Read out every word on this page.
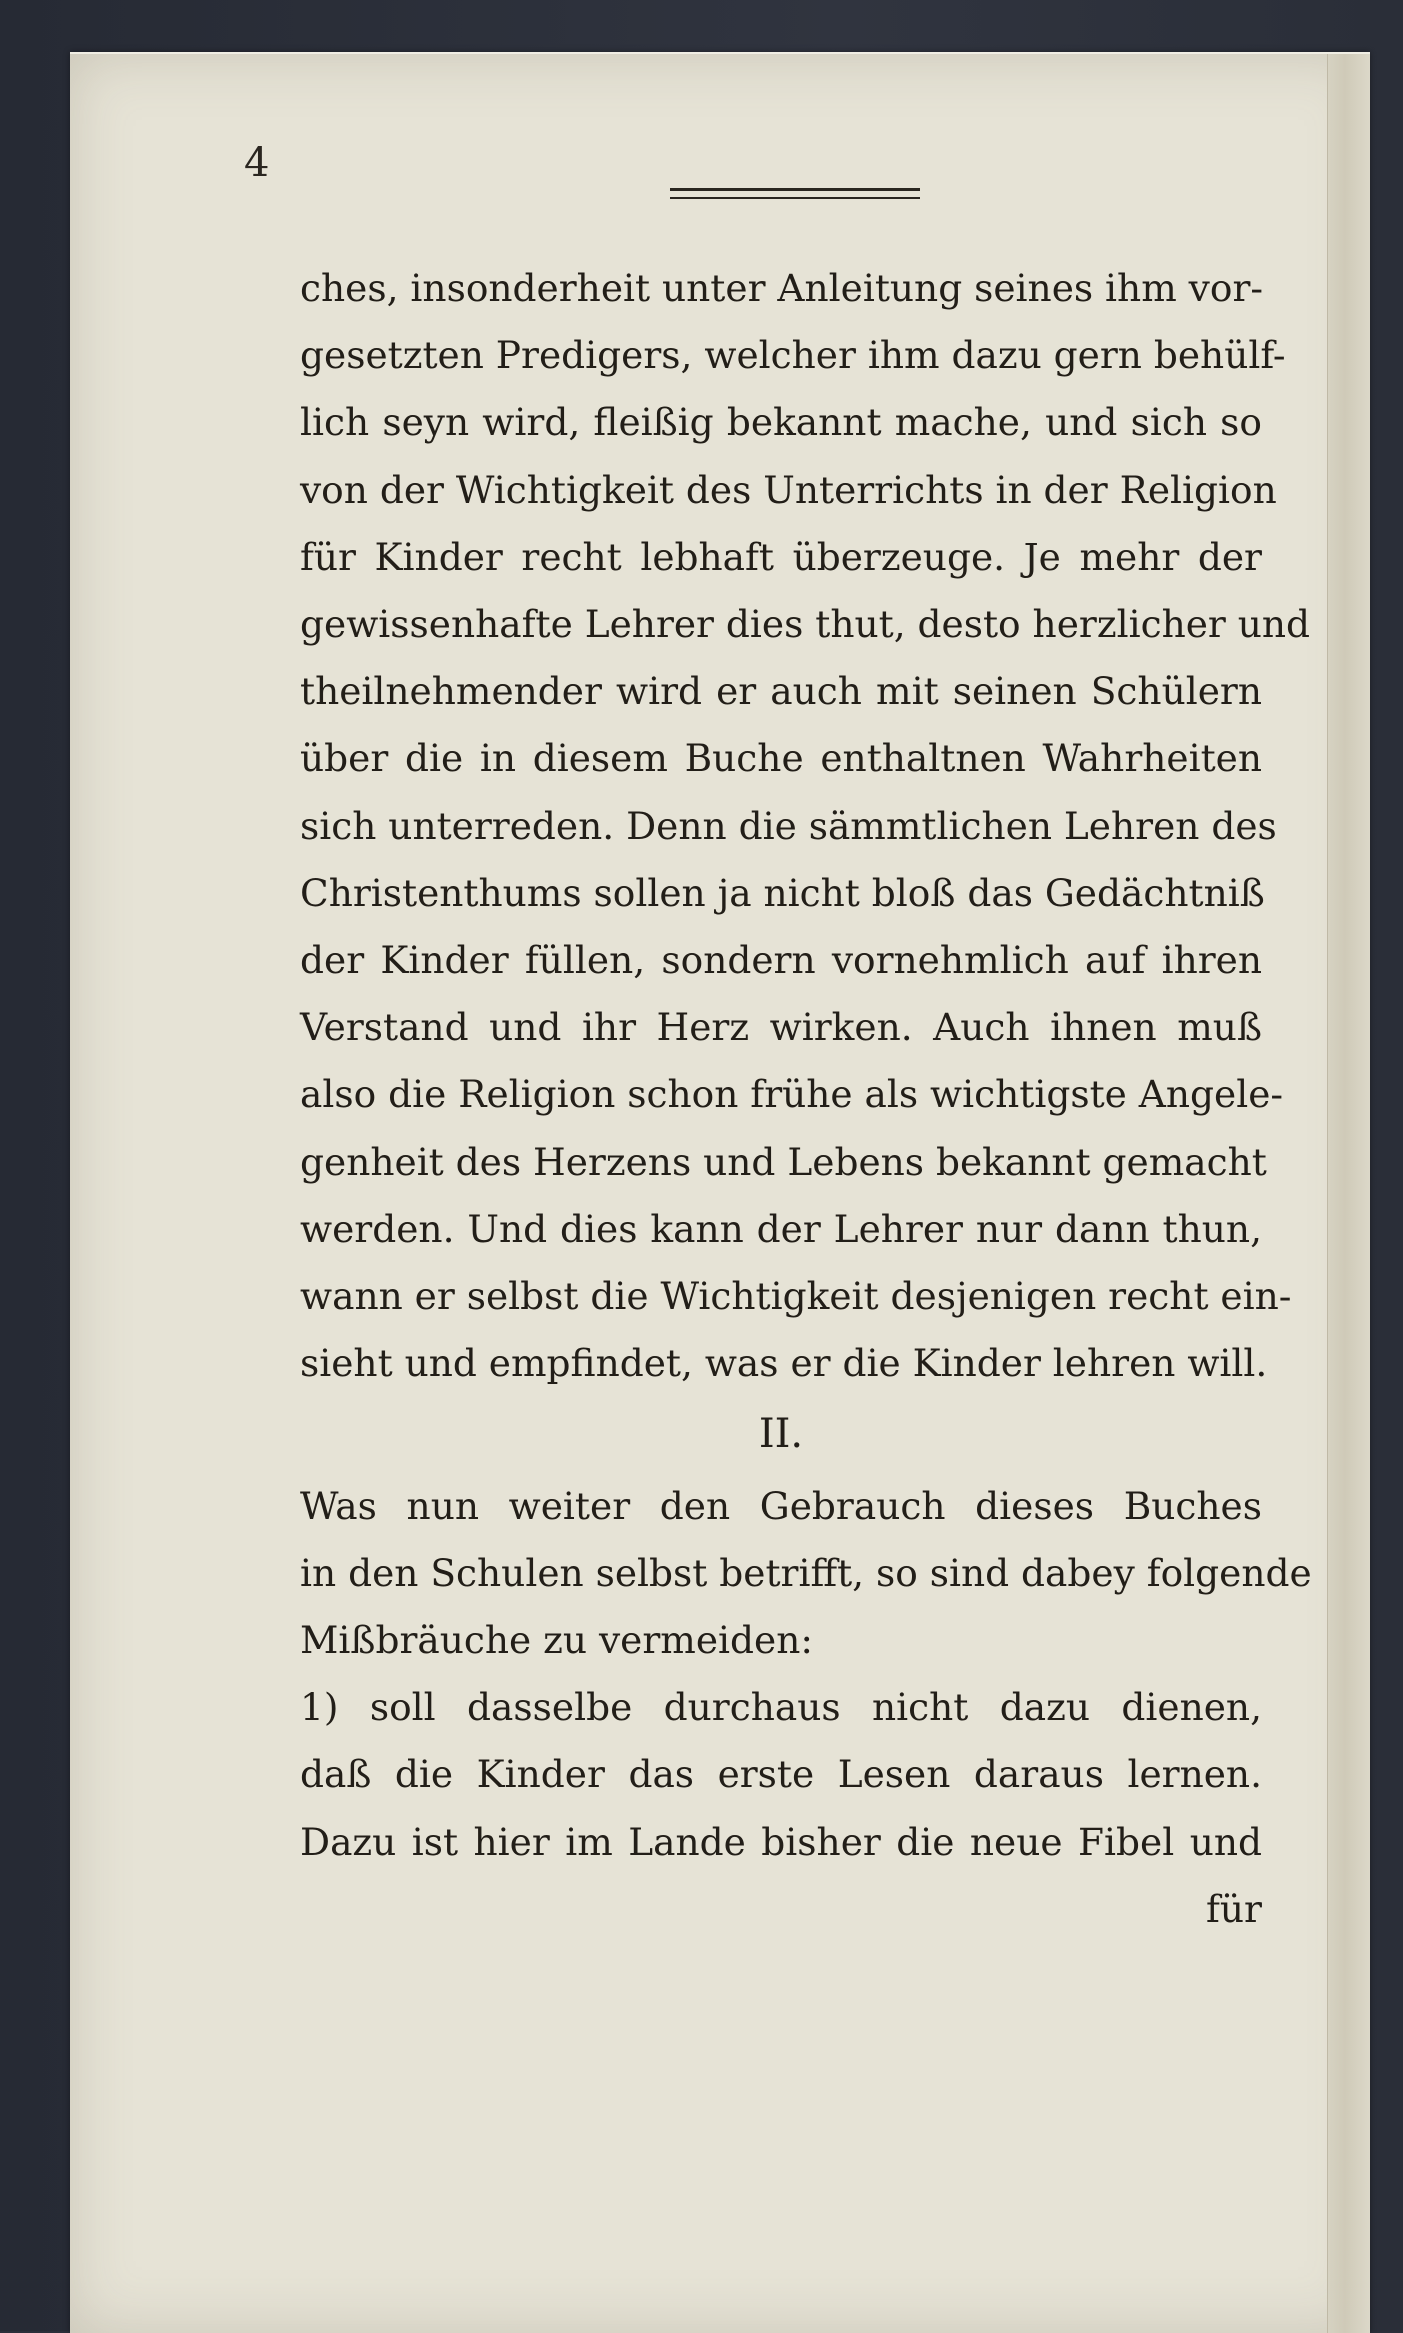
4
ches, insonderheit unter Anleitung seines ihm vor-
gesetzten Predigers, welcher ihm dazu gern behülf-
lich seyn wird, fleißig bekannt mache, und sich so
von der Wichtigkeit des Unterrichts in der Religion
für Kinder recht lebhaft überzeuge. Je mehr der
gewissenhafte Lehrer dies thut, desto herzlicher und
theilnehmender wird er auch mit seinen Schülern
über die in diesem Buche enthaltnen Wahrheiten
sich unterreden. Denn die sämmtlichen Lehren des
Christenthums sollen ja nicht bloß das Gedächtniß
der Kinder füllen, sondern vornehmlich auf ihren
Verstand und ihr Herz wirken. Auch ihnen muß
also die Religion schon frühe als wichtigste Angele-
genheit des Herzens und Lebens bekannt gemacht
werden. Und dies kann der Lehrer nur dann thun,
wann er selbst die Wichtigkeit desjenigen recht ein-
sieht und empfindet, was er die Kinder lehren will.
II.
Was nun weiter den Gebrauch dieses Buches
in den Schulen selbst betrifft, so sind dabey folgende
Mißbräuche zu vermeiden:
1) soll dasselbe durchaus nicht dazu dienen,
daß die Kinder das erste Lesen daraus lernen.
Dazu ist hier im Lande bisher die neue Fibel und
für
